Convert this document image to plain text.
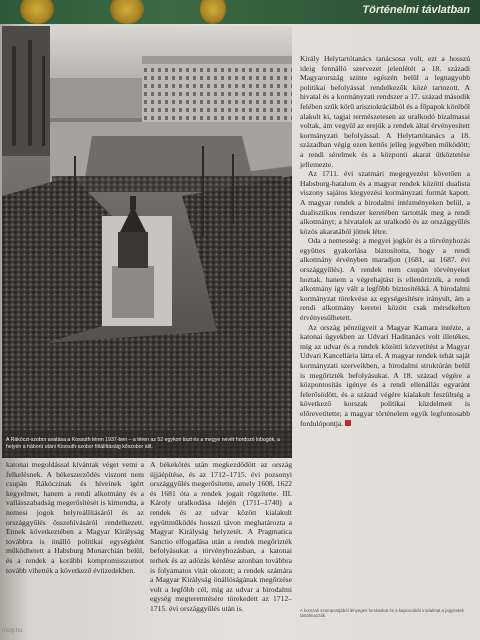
Történelmi távlatban
A Rákóczi-szobor avatása a Kossuth téren 1937-ben – a téren az 52 egykori tiszt és a megye nevét hordozó lobogók, a helyén a háború utáni Kossuth-szobor fölállításáig kőszobor állt.

Király Helytartótanács tanácsosa volt, ezt a hosszú ideig fennálló szervezet jelenlétét a 18. századi Magyarország szinte egészén belül a legnagyobb politikai befolyással rendelkezők közé tartozott. A hivatal és a kormányzati rendszer a 17. század második felében szűk körű arisztokráciából és a főpapok köréből alakult ki, tagjai természetesen az uralkodó bizalmasai voltak, ám vegyül az erejük a rendek által érvényesített kormányzati befolyással. A Helytartótanács a 18. században végig ezen kettős jelleg jegyében működött; a rendi sérelmek és a központi akarat ütköztetése jellemezte.

Az 1711. évi szatmári megegyezést követően a Habsburg-hatalom és a magyar rendek közötti dualista viszony sajátos kiegyezési kormányzati formát kapott. A magyar rendek a birodalmi intézményeken belül, a dualisztikus rendszer keretében tartották meg a rendi alkotmányt; a hivatalok az uralkodó és az országgyűlés közös akaratából jöttek létre.

Oda a nemesség: a megyei jogkör és a törvényhozás együttes gyakorlása biztosította, hogy a rendi alkotmány érvényben maradjon (1681, az 1687. évi országgyűlés). A rendek nem csupán törvényeket hoztak, hanem a végrehajtást is ellenőrizték, a rendi alkotmány így vált a legfőbb biztosítékká. A birodalmi kormányzat törekvése az egységesítésre irányult, ám a rendi alkotmány keretei között csak mérsékelten érvényesülhetett.

Az ország pénzügyeit a Magyar Kamara intézte, a katonai ügyekben az Udvari Haditanács volt illetékes, míg az udvar és a rendek közötti közvetítést a Magyar Udvari Kancellária látta el. A magyar rendek tehát saját kormányzati szerveikben, a birodalmi struktúrán belül is megőrizték befolyásukat. A 18. század végére a központosítás igénye és a rendi ellenállás egyaránt felerősödött, és a század végére kialakult feszültség a következő korszak politikai küzdelmeit is előrevetítette; a magyar történelem egyik legfontosabb fordulópontja.

katonai megoldással kívántak véget vetni a felkelésnek. A békeszerződés viszont nem csupán Rákóczinak és híveinek igért kegyelmet, hanem a rendi alkotmány és a vallásszabadság megerősítését is kimondta, a nemesi jogok helyreállításáról és az országgyűlés összehívásáról rendelkezett. Ennek következtében a Magyar Királyság továbbra is önálló politikai egységként működhetett a Habsburg Monarchián belül, és a rendek a korábbi kompromisszumot tovább vihették a következő évtizedekben.

A békekötés után megkezdődött az ország újjáépítése, és az 1712–1715. évi pozsonyi országgyűlés megerősítette, amely 1608, 1622 és 1681 óta a rendek jogait rögzítette. III. Károly uralkodása idején (1711–1740) a rendek és az udvar között kialakult együttműködés hosszú távon meghatározta a Magyar Királyság helyzetét. A Pragmatica Sanctio elfogadása után a rendek megőrizték befolyásukat a törvényhozásban, a katonai terhek és az adózás kérdése azonban továbbra is folyamatos vitát okozott; a rendek számára a Magyar Királyság önállóságának megőrzése volt a legfőbb cél, míg az udvar a birodalmi egység megteremtésére törekedett az 1712–1715. évi országgyűlés után is.	A korszak szempontjából lényeges forrásokat és a kapcsolódó irodalmat a jegyzetek tartalmazzák.
moly.hu
